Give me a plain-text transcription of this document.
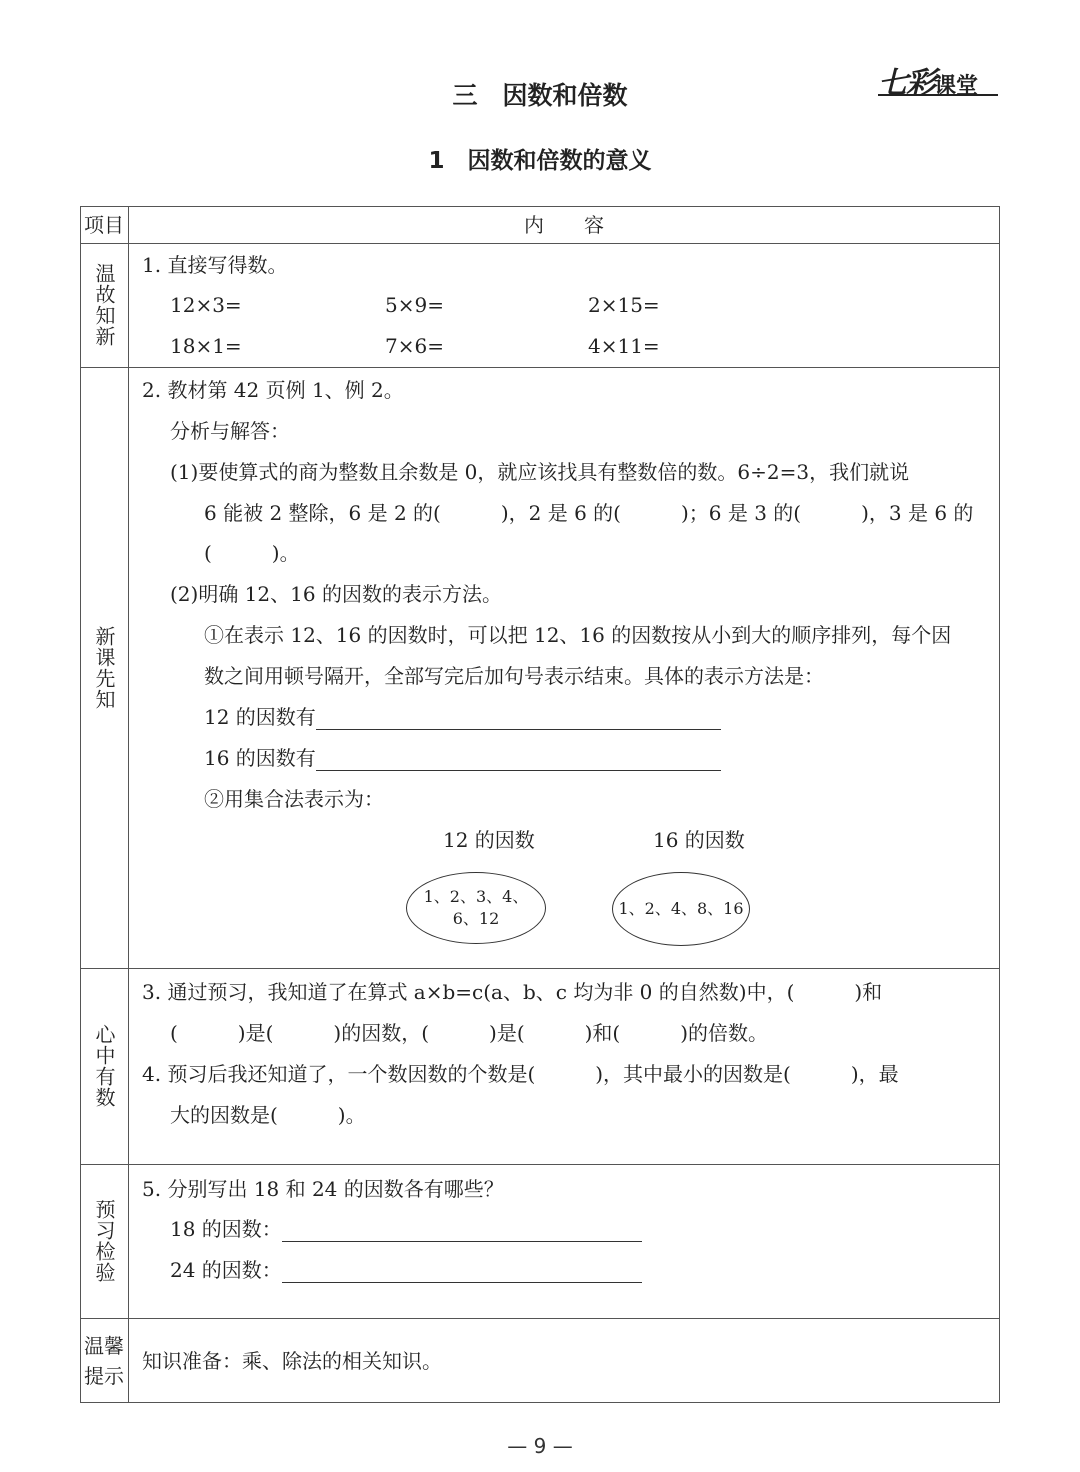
七彩课堂
三　因数和倍数
1　因数和倍数的意义
项目	内　　容
温故知新 1. 直接写得数。
12×3=	5×9=	2×15=
18×1=	7×6=	4×11=
新课先知
2. 教材第 42 页例 1、例 2。
分析与解答：
(1)要使算式的商为整数且余数是 0，就应该找具有整数倍的数。6÷2=3，我们就说
6 能被 2 整除，6 是 2 的(　　　)，2 是 6 的(　　　)；6 是 3 的(　　　)，3 是 6 的
(　　　)。
(2)明确 12、16 的因数的表示方法。
①在表示 12、16 的因数时，可以把 12、16 的因数按从小到大的顺序排列，每个因
数之间用顿号隔开，全部写完后加句号表示结束。具体的表示方法是：
12 的因数有
16 的因数有
②用集合法表示为：
12 的因数	16 的因数
1、2、3、4、
6、12
1、2、4、8、16
心中有数
3. 通过预习，我知道了在算式 a×b=c(a、b、c 均为非 0 的自然数)中，(　　　)和
(　　　)是(　　　)的因数，(　　　)是(　　　)和(　　　)的倍数。
4. 预习后我还知道了，一个数因数的个数是(　　　)，其中最小的因数是(　　　)，最
大的因数是(　　　)。
预习检验
5. 分别写出 18 和 24 的因数各有哪些？
18 的因数：
24 的因数：
温馨
提示
知识准备：乘、除法的相关知识。
— 9 —
